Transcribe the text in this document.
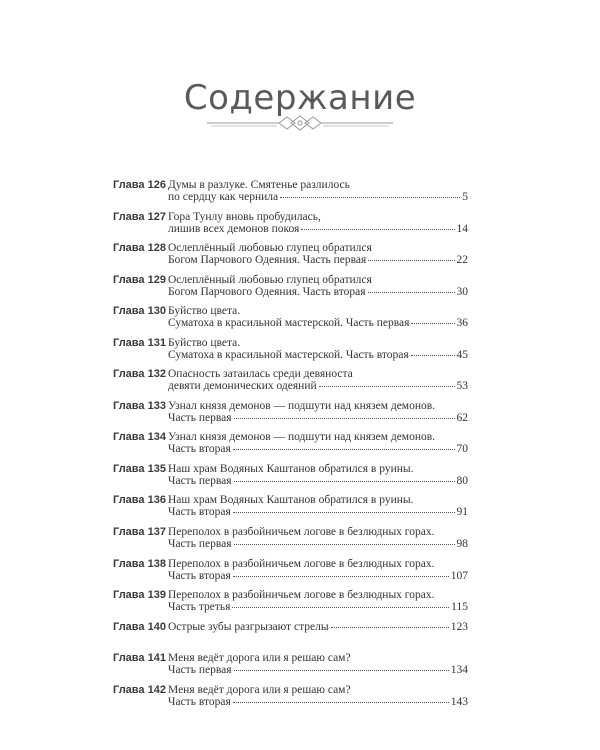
Содержание
Глава 126 Думы в разлуке. Смятенье разлилось
по сердцу как чернила	5
Глава 127 Гора Тунлу вновь пробудилась,
лишив всех демонов покоя	14
Глава 128 Ослеплённый любовью глупец обратился
Богом Парчового Одеяния. Часть первая	22
Глава 129 Ослеплённый любовью глупец обратился
Богом Парчового Одеяния. Часть вторая	30
Глава 130 Буйство цвета.
Суматоха в красильной мастерской. Часть первая	36
Глава 131 Буйство цвета.
Суматоха в красильной мастерской. Часть вторая	45
Глава 132 Опасность затаилась среди девяноста
девяти демонических одеяний	53
Глава 133 Узнал князя демонов — подшути над князем демонов.
Часть первая	62
Глава 134 Узнал князя демонов — подшути над князем демонов.
Часть вторая	70
Глава 135 Наш храм Водяных Каштанов обратился в руины.
Часть первая	80
Глава 136 Наш храм Водяных Каштанов обратился в руины.
Часть вторая	91
Глава 137 Переполох в разбойничьем логове в безлюдных горах.
Часть первая	98
Глава 138 Переполох в разбойничьем логове в безлюдных горах.
Часть вторая	107
Глава 139 Переполох в разбойничьем логове в безлюдных горах.
Часть третья	115
Глава 140 Острые зубы разгрызают стрелы	123
Глава 141 Меня ведёт дорога или я решаю сам?
Часть первая	134
Глава 142 Меня ведёт дорога или я решаю сам?
Часть вторая	143
